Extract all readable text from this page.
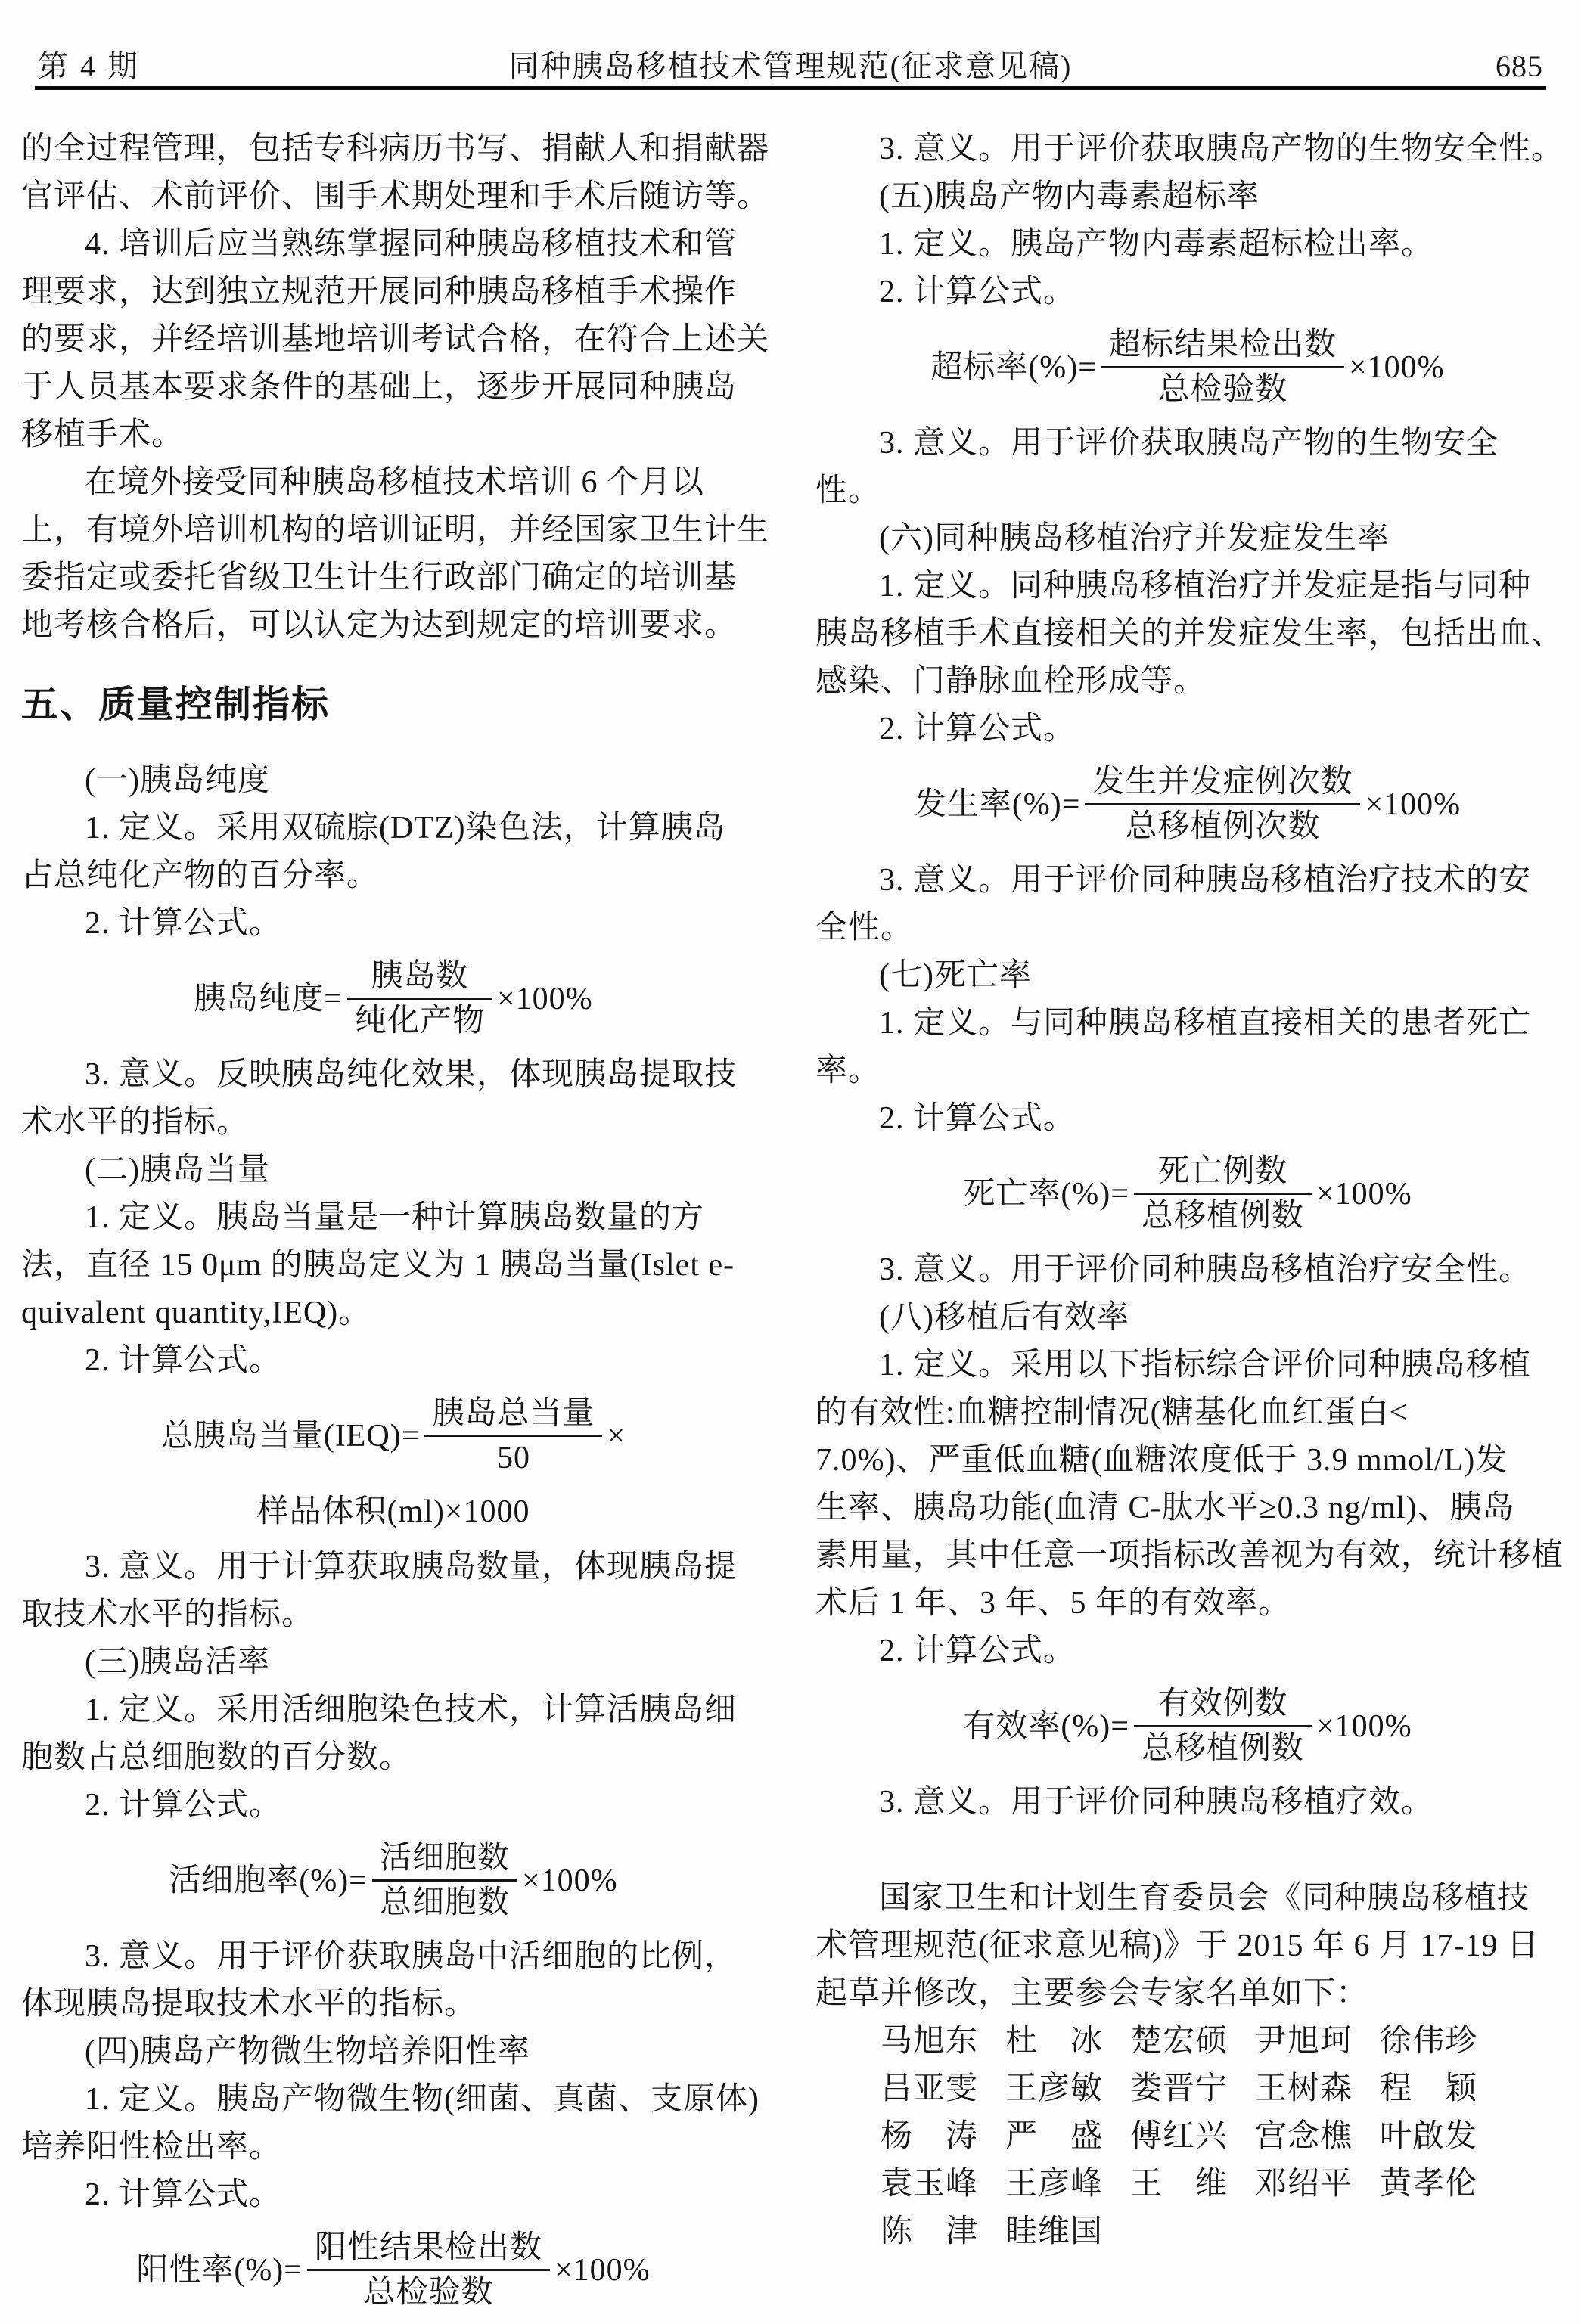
第 4 期	同种胰岛移植技术管理规范(征求意见稿)	685
的全过程管理，包括专科病历书写、捐献人和捐献器
官评估、术前评价、围手术期处理和手术后随访等。
4. 培训后应当熟练掌握同种胰岛移植技术和管
理要求，达到独立规范开展同种胰岛移植手术操作
的要求，并经培训基地培训考试合格，在符合上述关
于人员基本要求条件的基础上，逐步开展同种胰岛
移植手术。
在境外接受同种胰岛移植技术培训 6 个月以
上，有境外培训机构的培训证明，并经国家卫生计生
委指定或委托省级卫生计生行政部门确定的培训基
地考核合格后，可以认定为达到规定的培训要求。
五、质量控制指标
(一)胰岛纯度
1. 定义。采用双硫腙(DTZ)染色法，计算胰岛
占总纯化产物的百分率。
2. 计算公式。
胰岛纯度= $\frac{\text{胰岛数}}{\text{纯化产物}} \times 100\%$
3. 意义。反映胰岛纯化效果，体现胰岛提取技
术水平的指标。
(二)胰岛当量
1. 定义。胰岛当量是一种计算胰岛数量的方
法，直径 15 0μm 的胰岛定义为 1 胰岛当量(Islet e-
quivalent quantity,IEQ)。
2. 计算公式。
总胰岛当量$(IEQ)= \frac{\text{胰岛总当量}}{50}$ ×
样品体积(ml)×1000
3. 意义。用于计算获取胰岛数量，体现胰岛提
取技术水平的指标。
(三)胰岛活率
1. 定义。采用活细胞染色技术，计算活胰岛细
胞数占总细胞数的百分数。
2. 计算公式。
活细胞率(%)= $\frac{\text{活细胞数}}{\text{总细胞数}} \times 100\%$
3. 意义。用于评价获取胰岛中活细胞的比例，
体现胰岛提取技术水平的指标。
(四)胰岛产物微生物培养阳性率
1. 定义。胰岛产物微生物(细菌、真菌、支原体)
培养阳性检出率。
2. 计算公式。
阳性率(%)= $\frac{\text{阳性结果检出数}}{\text{总检验数}} \times 100\%$
3. 意义。用于评价获取胰岛产物的生物安全性。
(五)胰岛产物内毒素超标率
1. 定义。胰岛产物内毒素超标检出率。
2. 计算公式。
超标率(%)= $\frac{\text{超标结果检出数}}{\text{总检验数}} \times 100\%$
3. 意义。用于评价获取胰岛产物的生物安全
性。
(六)同种胰岛移植治疗并发症发生率
1. 定义。同种胰岛移植治疗并发症是指与同种
胰岛移植手术直接相关的并发症发生率，包括出血、
感染、门静脉血栓形成等。
2. 计算公式。
发生率(%)= $\frac{\text{发生并发症例次数}}{\text{总移植例次数}} \times 100\%$
3. 意义。用于评价同种胰岛移植治疗技术的安
全性。
(七)死亡率
1. 定义。与同种胰岛移植直接相关的患者死亡
率。
2. 计算公式。
死亡率(%)= $\frac{\text{死亡例数}}{\text{总移植例数}} \times 100\%$
3. 意义。用于评价同种胰岛移植治疗安全性。
(八)移植后有效率
1. 定义。采用以下指标综合评价同种胰岛移植
的有效性:血糖控制情况(糖基化血红蛋白<
7.0%)、严重低血糖(血糖浓度低于 3.9 mmol/L)发
生率、胰岛功能(血清 C-肽水平≥0.3 ng/ml)、胰岛
素用量，其中任意一项指标改善视为有效，统计移植
术后 1 年、3 年、5 年的有效率。
2. 计算公式。
有效率(%)= $\frac{\text{有效例数}}{\text{总移植例数}} \times 100\%$
3. 意义。用于评价同种胰岛移植疗效。
国家卫生和计划生育委员会《同种胰岛移植技
术管理规范(征求意见稿)》于 2015 年 6 月 17-19 日
起草并修改，主要参会专家名单如下：
马旭东 杜　冰 楚宏硕 尹旭珂 徐伟珍
吕亚雯 王彦敏 娄晋宁 王树森 程　颖
杨　涛 严　盛 傅红兴 宫念樵 叶啟发
袁玉峰 王彦峰 王　维 邓绍平 黄孝伦
陈　津 眭维国
